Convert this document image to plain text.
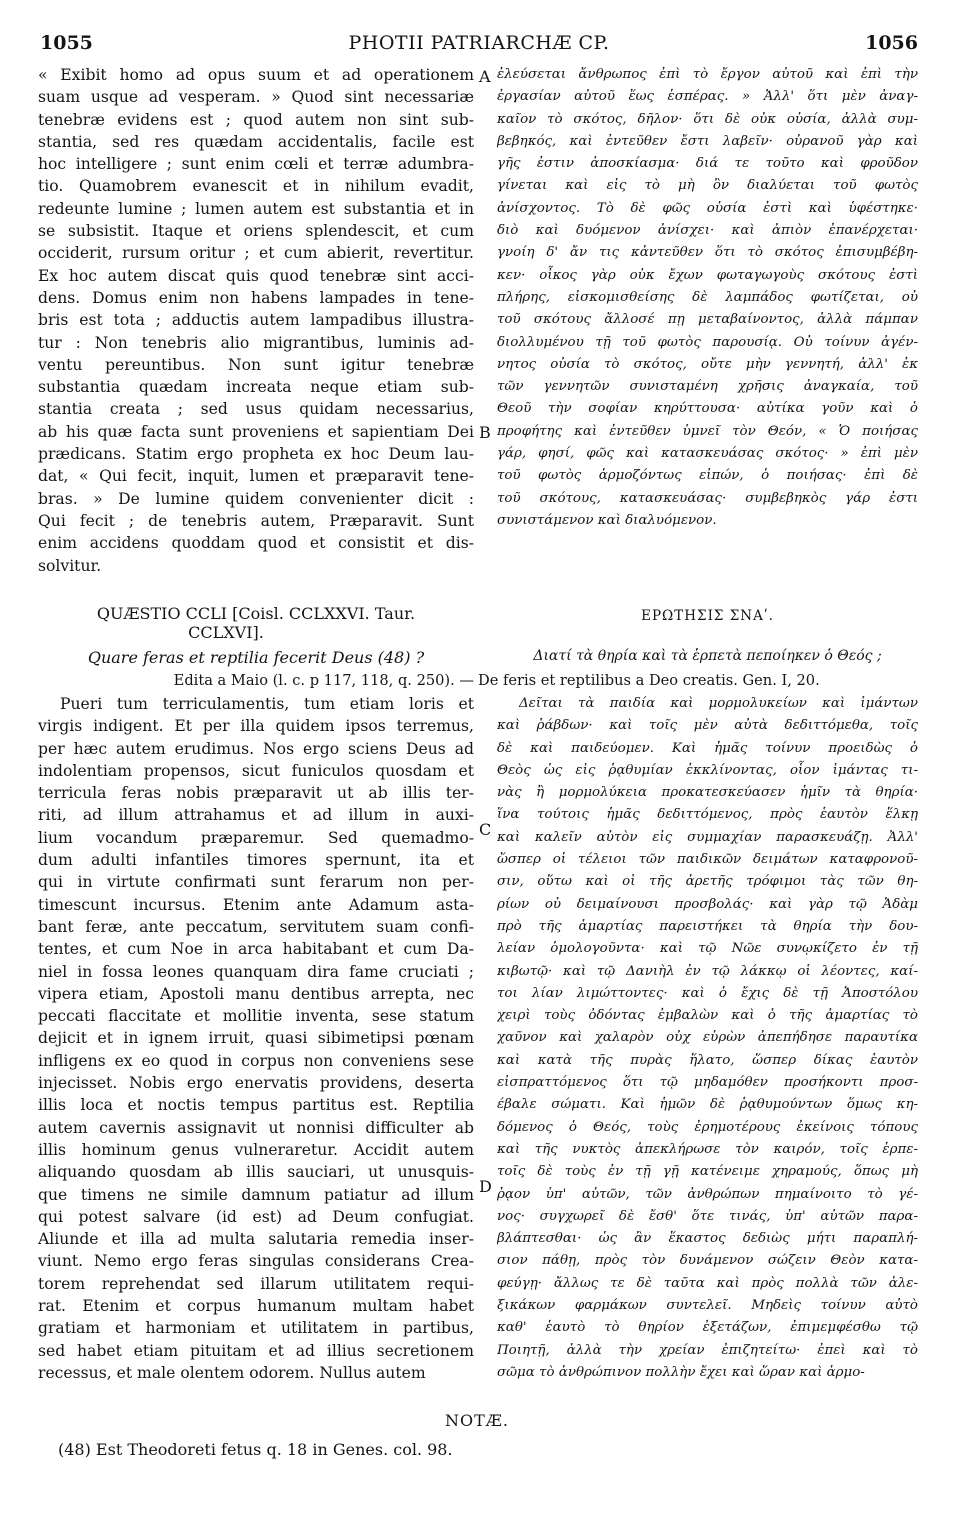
1055	PHOTII PATRIARCHÆ CP.	1056
« Exibit homo ad opus suum et ad operationem
suam usque ad vesperam. » Quod sint necessariæ
tenebræ evidens est ; quod autem non sint sub-
stantia, sed res quædam accidentalis, facile est
hoc intelligere ; sunt enim cœli et terræ adumbra-
tio. Quamobrem evanescit et in nihilum evadit,
redeunte lumine ; lumen autem est substantia et in
se subsistit. Itaque et oriens splendescit, et cum
occiderit, rursum oritur ; et cum abierit, revertitur.
Ex hoc autem discat quis quod tenebræ sint acci-
dens. Domus enim non habens lampades in tene-
bris est tota ; adductis autem lampadibus illustra-
tur : Non tenebris alio migrantibus, luminis ad-
ventu pereuntibus. Non sunt igitur tenebræ
substantia quædam increata neque etiam sub-
stantia creata ; sed usus quidam necessarius,
ab his quæ facta sunt proveniens et sapientiam Dei
prædicans. Statim ergo propheta ex hoc Deum lau-
dat, « Qui fecit, inquit, lumen et præparavit tene-
bras. » De lumine quidem convenienter dicit :
Qui fecit ; de tenebris autem, Præparavit. Sunt
enim accidens quoddam quod et consistit et dis-
solvitur.
ἐλεύσεται ἄνθρωπος ἐπὶ τὸ ἔργον αὐτοῦ καὶ ἐπὶ τὴν
ἐργασίαν αὐτοῦ ἕως ἑσπέρας. » Ἀλλ' ὅτι μὲν ἀναγ-
καῖον τὸ σκότος, δῆλον· ὅτι δὲ οὐκ οὐσία, ἀλλὰ συμ-
βεβηκός, καὶ ἐντεῦθεν ἔστι λαβεῖν· οὐρανοῦ γὰρ καὶ
γῆς ἐστιν ἀποσκίασμα· διά τε τοῦτο καὶ φροῦδον
γίνεται καὶ εἰς τὸ μὴ ὂν διαλύεται τοῦ φωτὸς
ἀνίσχοντος. Τὸ δὲ φῶς οὐσία ἐστὶ καὶ ὑφέστηκε·
διὸ καὶ δυόμενον ἀνίσχει· καὶ ἀπιὸν ἐπανέρχεται·
γνοίη δ' ἄν τις κἀντεῦθεν ὅτι τὸ σκότος ἐπισυμβέβη-
κεν· οἶκος γὰρ οὐκ ἔχων φωταγωγοὺς σκότους ἐστὶ
πλήρης, εἰσκομισθείσης δὲ λαμπάδος φωτίζεται, οὐ
τοῦ σκότους ἄλλοσέ πῃ μεταβαίνοντος, ἀλλὰ πάμπαν
διολλυμένου τῇ τοῦ φωτὸς παρουσίᾳ. Οὐ τοίνυν ἀγέν-
νητος οὐσία τὸ σκότος, οὔτε μὴν γεννητή, ἀλλ' ἐκ
τῶν γεννητῶν συνισταμένη χρῆσις ἀναγκαία, τοῦ
Θεοῦ τὴν σοφίαν κηρύττουσα· αὐτίκα γοῦν καὶ ὁ
προφήτης καὶ ἐντεῦθεν ὑμνεῖ τὸν Θεόν, « Ὁ ποιήσας
γάρ, φησί, φῶς καὶ κατασκευάσας σκότος· » ἐπὶ μὲν
τοῦ φωτὸς ἁρμοζόντως εἰπών, ὁ ποιήσας· ἐπὶ δὲ
τοῦ σκότους, κατασκευάσας· συμβεβηκὸς γάρ ἐστι
συνιστάμενον καὶ διαλυόμενον.
A
B
C
D
QUÆSTIO CCLI [Coisl. CCLXXVI. Taur.
CCLXVI].
ΕΡΩΤΗΣΙΣ ΣΝΑʹ.
Quare feras et reptilia fecerit Deus (48) ?	Διατί τὰ θηρία καὶ τὰ ἑρπετὰ πεποίηκεν ὁ Θεός ;
Edita a Maio (l. c. p 117, 118, q. 250). — De feris et reptilibus a Deo creatis. Gen. I, 20.
Pueri tum terriculamentis, tum etiam loris et
virgis indigent. Et per illa quidem ipsos terremus,
per hæc autem erudimus. Nos ergo sciens Deus ad
indolentiam propensos, sicut funiculos quosdam et
terricula feras nobis præparavit ut ab illis ter-
riti, ad illum attrahamus et ad illum in auxi-
lium vocandum præparemur. Sed quemadmo-
dum adulti infantiles timores spernunt, ita et
qui in virtute confirmati sunt ferarum non per-
timescunt incursus. Etenim ante Adamum asta-
bant feræ, ante peccatum, servitutem suam confi-
tentes, et cum Noe in arca habitabant et cum Da-
niel in fossa leones quanquam dira fame cruciati ;
vipera etiam, Apostoli manu dentibus arrepta, nec
peccati flaccitate et mollitie inventa, sese statum
dejicit et in ignem irruit, quasi sibimetipsi pœnam
infligens ex eo quod in corpus non conveniens sese
injecisset. Nobis ergo enervatis providens, deserta
illis loca et noctis tempus partitus est. Reptilia
autem cavernis assignavit ut nonnisi difficulter ab
illis hominum genus vulneraretur. Accidit autem
aliquando quosdam ab illis sauciari, ut unusquis-
que timens ne simile damnum patiatur ad illum
qui potest salvare (id est) ad Deum confugiat.
Aliunde et illa ad multa salutaria remedia inser-
viunt. Nemo ergo feras singulas considerans Crea-
torem reprehendat sed illarum utilitatem requi-
rat. Etenim et corpus humanum multam habet
gratiam et harmoniam et utilitatem in partibus,
sed habet etiam pituitam et ad illius secretionem
recessus, et male olentem odorem. Nullus autem
Δεῖται τὰ παιδία καὶ μορμολυκείων καὶ ἱμάντων
καὶ ῥάβδων· καὶ τοῖς μὲν αὐτὰ δεδιττόμεθα, τοῖς
δὲ καὶ παιδεύομεν. Καὶ ἡμᾶς τοίνυν προειδὼς ὁ
Θεὸς ὡς εἰς ῥᾳθυμίαν ἐκκλίνοντας, οἷον ἱμάντας τι-
νὰς ἢ μορμολύκεια προκατεσκεύασεν ἡμῖν τὰ θηρία·
ἵνα τούτοις ἡμᾶς δεδιττόμενος, πρὸς ἑαυτὸν ἕλκῃ
καὶ καλεῖν αὐτὸν εἰς συμμαχίαν παρασκευάζῃ. Ἀλλ'
ὥσπερ οἱ τέλειοι τῶν παιδικῶν δειμάτων καταφρονοῦ-
σιν, οὕτω καὶ οἱ τῆς ἀρετῆς τρόφιμοι τὰς τῶν θη-
ρίων οὐ δειμαίνουσι προσβολάς· καὶ γὰρ τῷ Ἀδὰμ
πρὸ τῆς ἁμαρτίας παρειστήκει τὰ θηρία τὴν δου-
λείαν ὁμολογοῦντα· καὶ τῷ Νῶε συνῳκίζετο ἐν τῇ
κιβωτῷ· καὶ τῷ Δανιὴλ ἐν τῷ λάκκῳ οἱ λέοντες, καί-
τοι λίαν λιμώττοντες· καὶ ὁ ἔχις δὲ τῇ Ἀποστόλου
χειρὶ τοὺς ὀδόντας ἐμβαλὼν καὶ ὁ τῆς ἁμαρτίας τὸ
χαῦνον καὶ χαλαρὸν οὐχ εὑρὼν ἀπεπήδησε παραυτίκα
καὶ κατὰ τῆς πυρὰς ἥλατο, ὥσπερ δίκας ἑαυτὸν
εἰσπραττόμενος ὅτι τῷ μηδαμόθεν προσήκοντι προσ-
έβαλε σώματι. Καὶ ἡμῶν δὲ ῥᾳθυμούντων ὅμως κη-
δόμενος ὁ Θεός, τοὺς ἐρημοτέρους ἐκείνοις τόπους
καὶ τῆς νυκτὸς ἀπεκλήρωσε τὸν καιρόν, τοῖς ἑρπε-
τοῖς δὲ τοὺς ἐν τῇ γῇ κατένειμε χηραμούς, ὅπως μὴ
ῥᾳον ὑπ' αὐτῶν, τῶν ἀνθρώπων πημαίνοιτο τὸ γέ-
νος· συγχωρεῖ δὲ ἔσθ' ὅτε τινάς, ὑπ' αὐτῶν παρα-
βλάπτεσθαι· ὡς ἂν ἕκαστος δεδιὼς μήτι παραπλή-
σιον πάθῃ, πρὸς τὸν δυνάμενον σώζειν Θεὸν κατα-
φεύγῃ· ἄλλως τε δὲ ταῦτα καὶ πρὸς πολλὰ τῶν ἀλε-
ξικάκων φαρμάκων συντελεῖ. Μηδεὶς τοίνυν αὐτὸ
καθ' ἑαυτὸ τὸ θηρίον ἐξετάζων, ἐπιμεμφέσθω τῷ
Ποιητῇ, ἀλλὰ τὴν χρείαν ἐπιζητείτω· ἐπεὶ καὶ τὸ
σῶμα τὸ ἀνθρώπινον πολλὴν ἔχει καὶ ὥραν καὶ ἁρμο-
NOTÆ.
(48) Est Theodoreti fetus q. 18 in Genes. col. 98.
